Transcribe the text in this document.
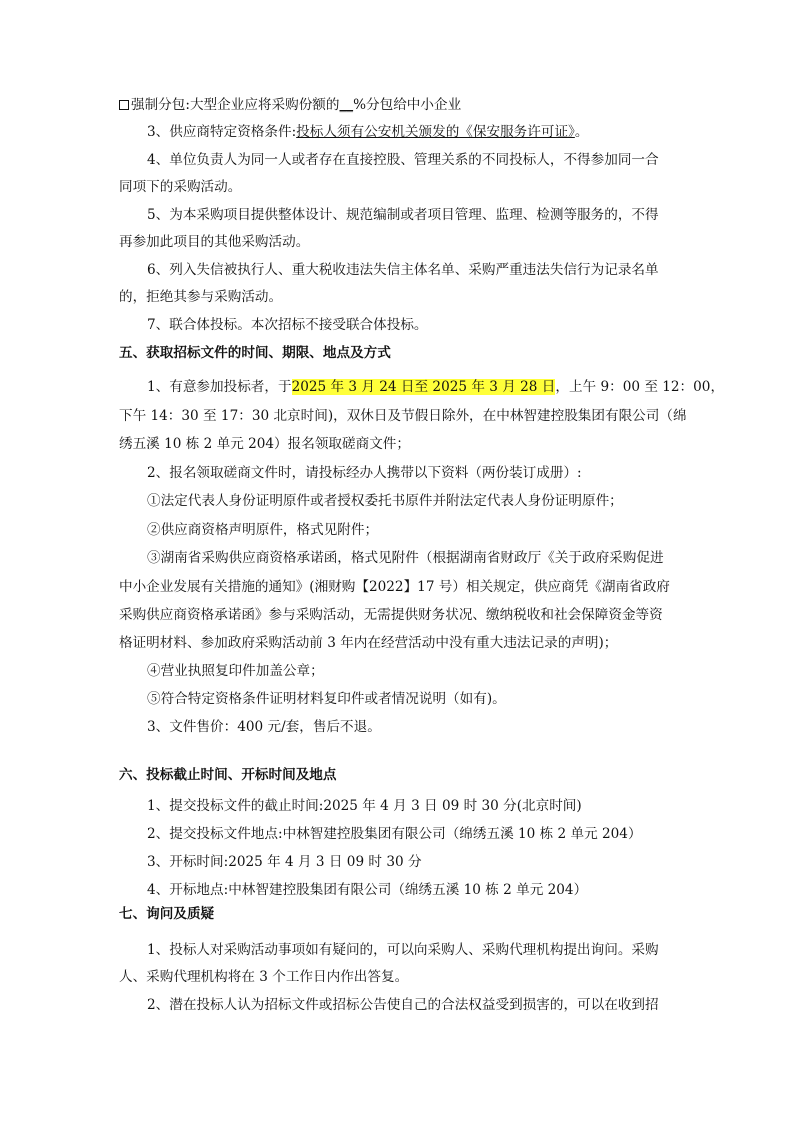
强制分包:大型企业应将采购份额的__%分包给中小企业
3、供应商特定资格条件:投标人须有公安机关颁发的《保安服务许可证》。
4、单位负责人为同一人或者存在直接控股、管理关系的不同投标人，不得参加同一合
同项下的采购活动。
5、为本采购项目提供整体设计、规范编制或者项目管理、监理、检测等服务的，不得
再参加此项目的其他采购活动。
6、列入失信被执行人、重大税收违法失信主体名单、采购严重违法失信行为记录名单
的，拒绝其参与采购活动。
7、联合体投标。本次招标不接受联合体投标。
五、获取招标文件的时间、期限、地点及方式
1、有意参加投标者，于2025 年 3 月 24 日至 2025 年 3 月 28 日，上午 9：00 至 12：00，
下午 14：30 至 17：30 北京时间)，双休日及节假日除外，在中林智建控股集团有限公司（绵
绣五溪 10 栋 2 单元 204）报名领取磋商文件；
2、报名领取磋商文件时，请投标经办人携带以下资料（两份装订成册）:
①法定代表人身份证明原件或者授权委托书原件并附法定代表人身份证明原件；
②供应商资格声明原件，格式见附件；
③湖南省采购供应商资格承诺函，格式见附件（根据湖南省财政厅《关于政府采购促进
中小企业发展有关措施的通知》(湘财购【2022】17 号）相关规定，供应商凭《湖南省政府
采购供应商资格承诺函》参与采购活动，无需提供财务状况、缴纳税收和社会保障资金等资
格证明材料、参加政府采购活动前 3 年内在经营活动中没有重大违法记录的声明)；
④营业执照复印件加盖公章；
⑤符合特定资格条件证明材料复印件或者情况说明（如有)。
3、文件售价：400 元/套，售后不退。
六、投标截止时间、开标时间及地点
1、提交投标文件的截止时间:2025 年 4 月 3 日 09 时 30 分(北京时间)
2、提交投标文件地点:中林智建控股集团有限公司（绵绣五溪 10 栋 2 单元 204）
3、开标时间:2025 年 4 月 3 日 09 时 30 分
4、开标地点:中林智建控股集团有限公司（绵绣五溪 10 栋 2 单元 204）
七、询问及质疑
1、投标人对采购活动事项如有疑问的，可以向采购人、采购代理机构提出询问。采购
人、采购代理机构将在 3 个工作日内作出答复。
2、潜在投标人认为招标文件或招标公告使自己的合法权益受到损害的，可以在收到招
